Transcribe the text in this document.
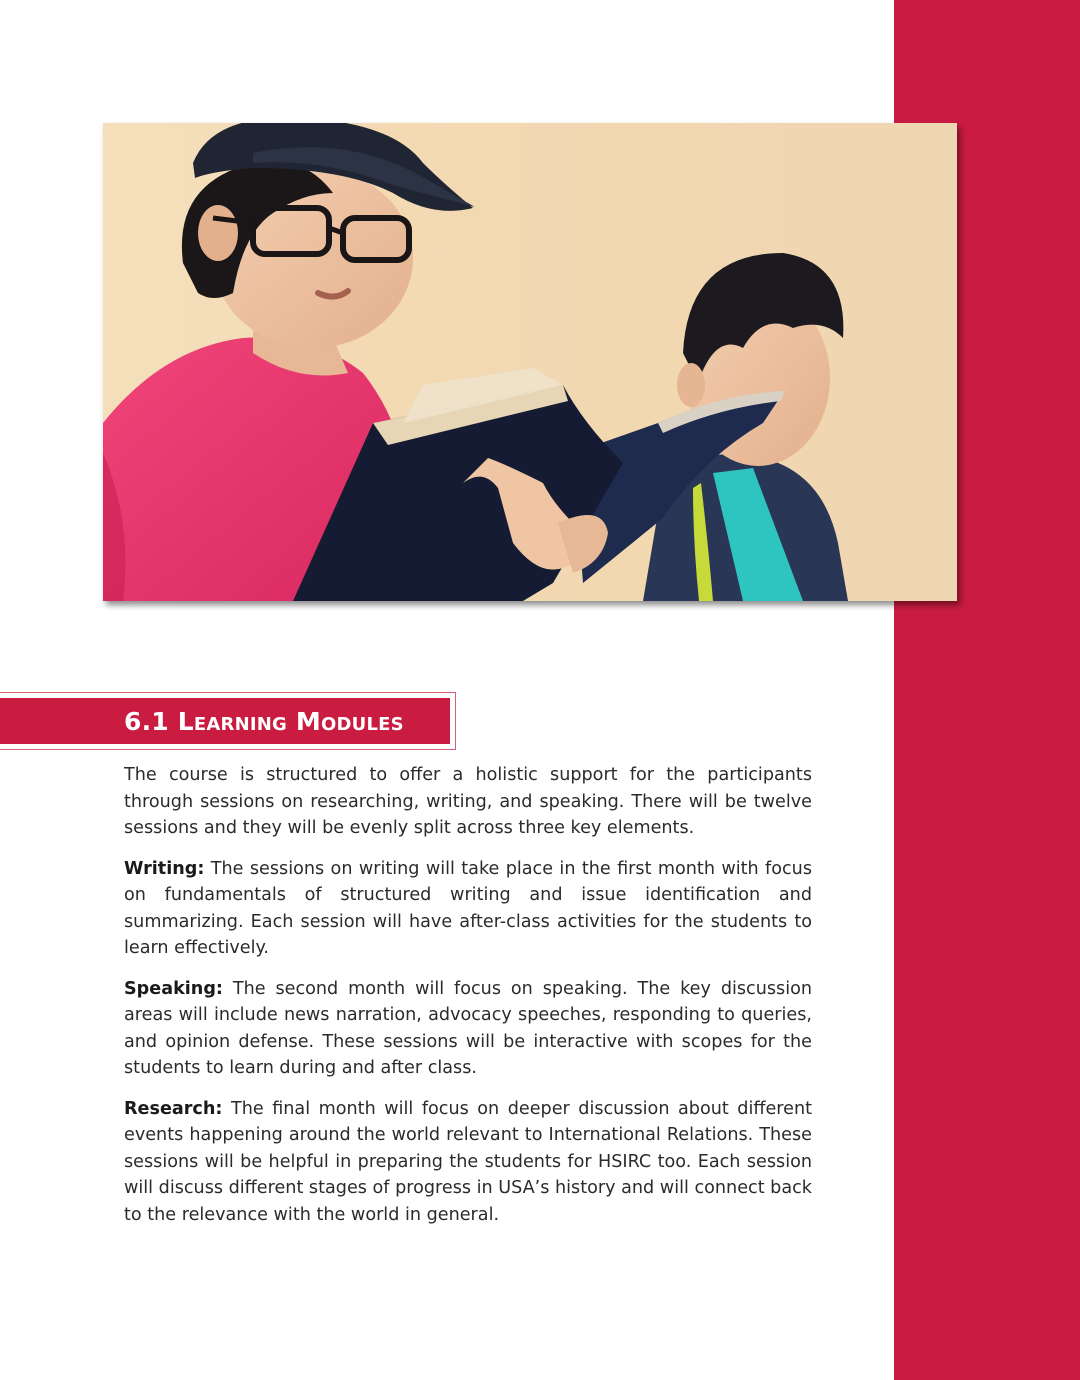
6.1 Learning Modules

The course is structured to offer a holistic support for the participants through sessions on researching, writing, and speaking. There will be twelve sessions and they will be evenly split across three key elements.

Writing: The sessions on writing will take place in the first month with focus on fundamentals of structured writing and issue identification and summarizing. Each session will have after-class activities for the students to learn effectively.

Speaking: The second month will focus on speaking. The key discussion areas will include news narration, advocacy speeches, responding to queries, and opinion defense. These sessions will be interactive with scopes for the students to learn during and after class.

Research: The final month will focus on deeper discussion about different events happening around the world relevant to International Relations. These sessions will be helpful in preparing the students for HSIRC too. Each session will discuss different stages of progress in USA’s history and will connect back to the relevance with the world in general.
